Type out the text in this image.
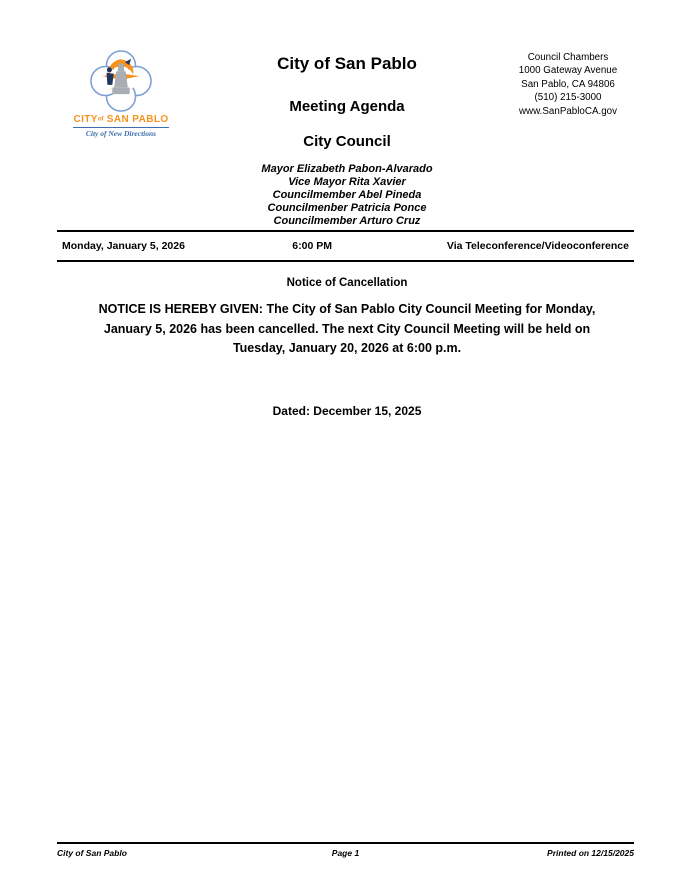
CITYof SAN PABLO
City of New Directions
City of San Pablo
Meeting Agenda
City Council
Council Chambers
1000 Gateway Avenue
San Pablo, CA 94806
(510) 215-3000
www.SanPabloCA.gov
Mayor Elizabeth Pabon-Alvarado
Vice Mayor Rita Xavier
Councilmember Abel Pineda
Councilmenber Patricia Ponce
Councilmember Arturo Cruz
Monday, January 5, 2026	6:00 PM	Via Teleconference/Videoconference
Notice of Cancellation
NOTICE IS HEREBY GIVEN: The City of San Pablo City Council Meeting for Monday,
January 5, 2026 has been cancelled. The next City Council Meeting will be held on
Tuesday, January 20, 2026 at 6:00 p.m.
Dated: December 15, 2025
City of San Pablo	Page 1	Printed on 12/15/2025
